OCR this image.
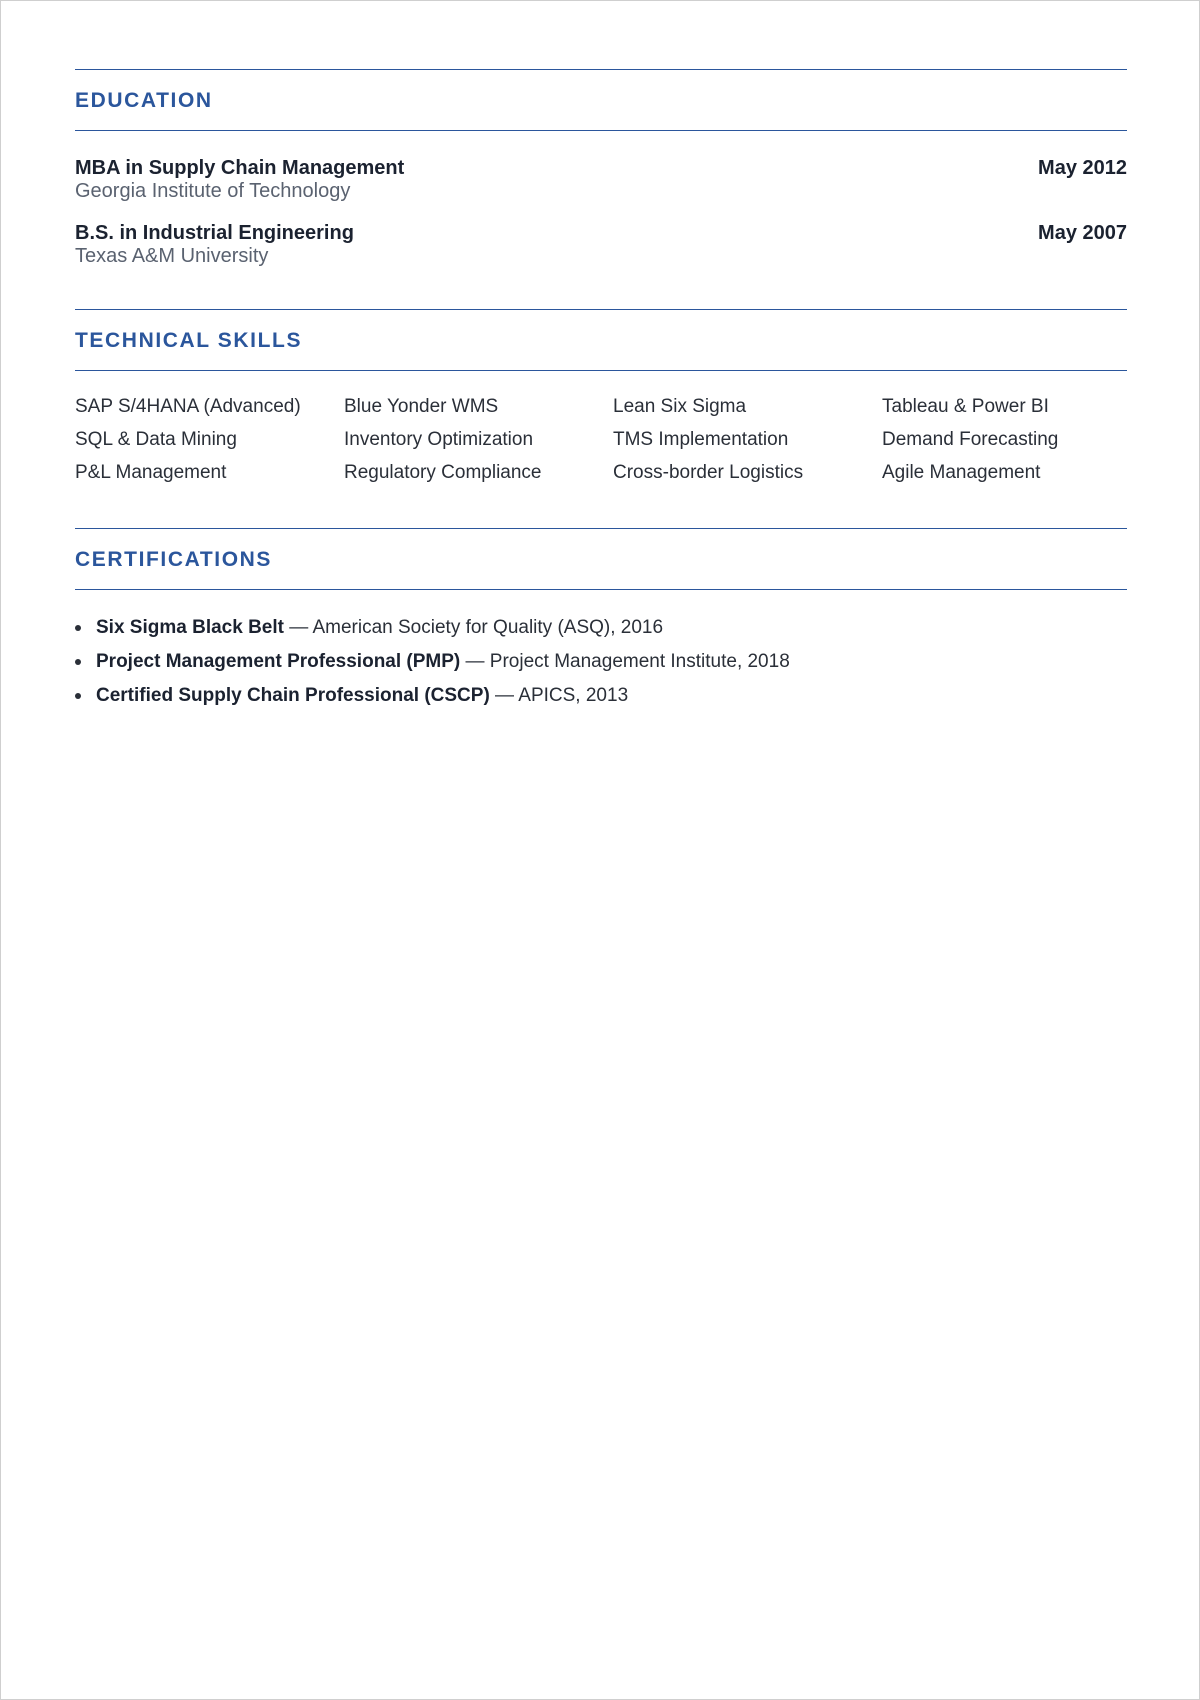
EDUCATION
MBA in Supply Chain Management	May 2012
Georgia Institute of Technology
B.S. in Industrial Engineering	May 2007
Texas A&M University
TECHNICAL SKILLS
SAP S/4HANA (Advanced)	Blue Yonder WMS	Lean Six Sigma	Tableau & Power BI
SQL & Data Mining	Inventory Optimization	TMS Implementation	Demand Forecasting
P&L Management	Regulatory Compliance	Cross-border Logistics	Agile Management
CERTIFICATIONS
Six Sigma Black Belt — American Society for Quality (ASQ), 2016
Project Management Professional (PMP) — Project Management Institute, 2018
Certified Supply Chain Professional (CSCP) — APICS, 2013
